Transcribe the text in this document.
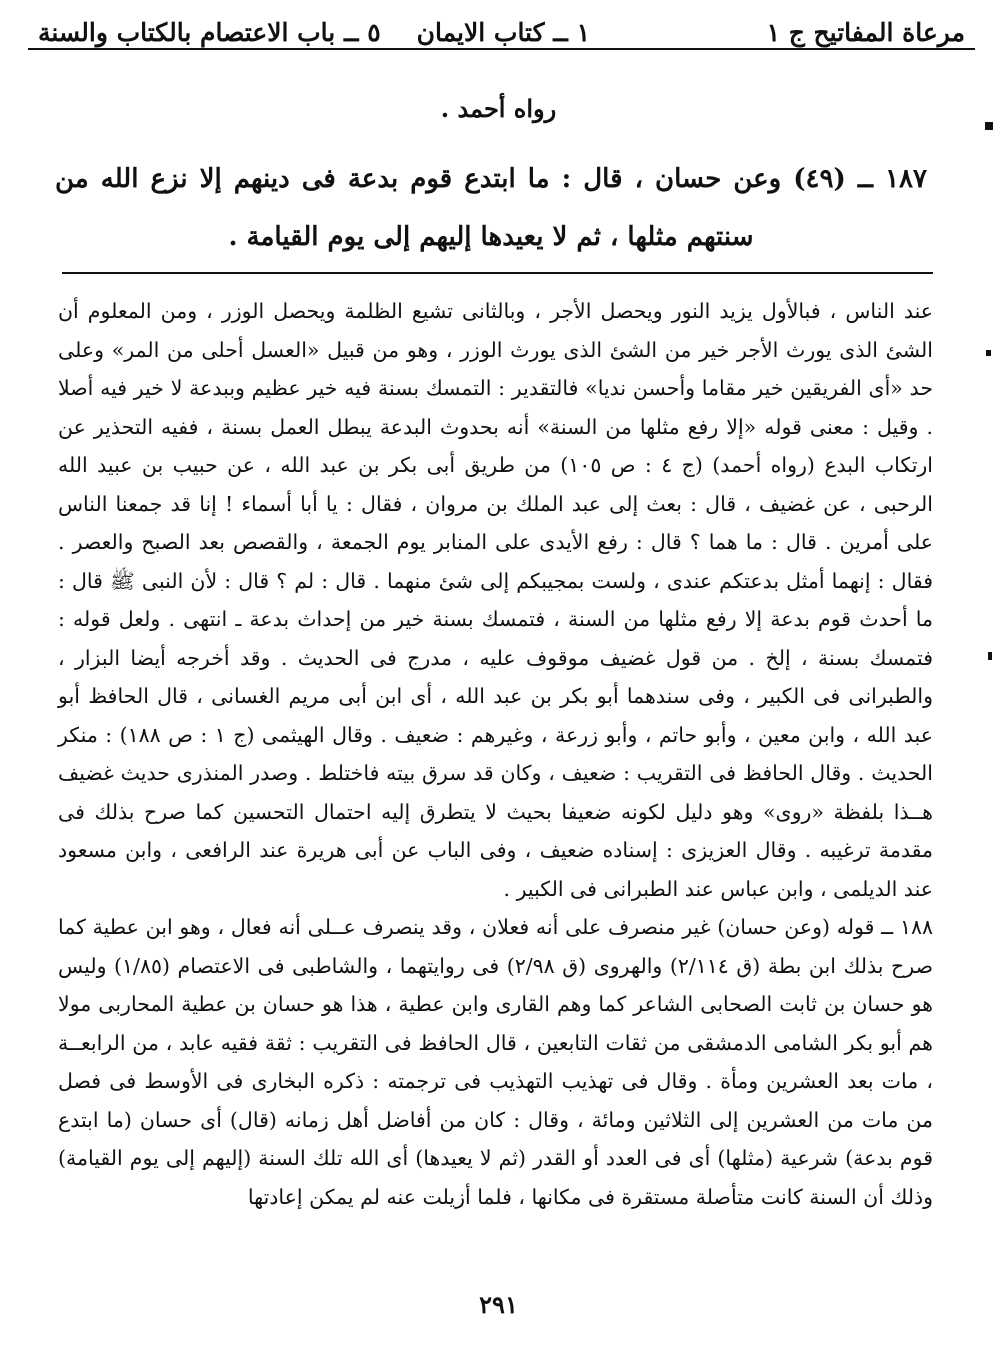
مرعاة المفاتيح ج ١
١ ــ كتاب الايمان
٥ ــ باب الاعتصام بالكتاب والسنة
رواه أحمد .
١٨٧ ــ (٤٩) وعن حسان ، قال : ما ابتدع قوم بدعة فى دينهم إلا نزع الله من سنتهم مثلها ، ثم لا يعيدها إليهم إلى يوم القيامة .

عند الناس ، فبالأول يزيد النور ويحصل الأجر ، وبالثانى تشيع الظلمة ويحصل الوزر ، ومن المعلوم أن الشئ الذى يورث الأجر خير من الشئ الذى يورث الوزر ، وهو من قبيل «العسل أحلى من المر» وعلى حد «أى الفريقين خير مقاما وأحسن نديا» فالتقدير : التمسك بسنة فيه خير عظيم وببدعة لا خير فيه أصلا . وقيل : معنى قوله «إلا رفع مثلها من السنة» أنه بحدوث البدعة يبطل العمل بسنة ، ففيه التحذير عن ارتكاب البدع (رواه أحمد) (ج ٤ : ص ١٠٥) من طريق أبى بكر بن عبد الله ، عن حبيب بن عبيد الله الرحبى ، عن غضيف ، قال : بعث إلى عبد الملك بن مروان ، فقال : يا أبا أسماء ! إنا قد جمعنا الناس على أمرين . قال : ما هما ؟ قال : رفع الأيدى على المنابر يوم الجمعة ، والقصص بعد الصبح والعصر . فقال : إنهما أمثل بدعتكم عندى ، ولست بمجيبكم إلى شئ منهما . قال : لم ؟ قال : لأن النبى ﷺ قال : ما أحدث قوم بدعة إلا رفع مثلها من السنة ، فتمسك بسنة خير من إحداث بدعة ـ انتهى . ولعل قوله : فتمسك بسنة ، إلخ . من قول غضيف موقوف عليه ، مدرج فى الحديث . وقد أخرجه أيضا البزار ، والطبرانى فى الكبير ، وفى سندهما أبو بكر بن عبد الله ، أى ابن أبى مريم الغسانى ، قال الحافظ أبو عبد الله ، وابن معين ، وأبو حاتم ، وأبو زرعة ، وغيرهم : ضعيف . وقال الهيثمى (ج ١ : ص ١٨٨) : منكر الحديث . وقال الحافظ فى التقريب : ضعيف ، وكان قد سرق بيته فاختلط . وصدر المنذرى حديث غضيف هــذا بلفظة «روى» وهو دليل لكونه ضعيفا بحيث لا يتطرق إليه احتمال التحسين كما صرح بذلك فى مقدمة ترغيبه . وقال العزيزى : إسناده ضعيف ، وفى الباب عن أبى هريرة عند الرافعى ، وابن مسعود عند الديلمى ، وابن عباس عند الطبرانى فى الكبير .

١٨٨ ــ قوله (وعن حسان) غير منصرف على أنه فعلان ، وقد ينصرف عــلى أنه فعال ، وهو ابن عطية كما صرح بذلك ابن بطة (ق ٢/١١٤) والهروى (ق ٢/٩٨) فى روايتهما ، والشاطبى فى الاعتصام (١/٨٥) وليس هو حسان بن ثابت الصحابى الشاعر كما وهم القارى وابن عطية ، هذا هو حسان بن عطية المحاربى مولا هم أبو بكر الشامى الدمشقى من ثقات التابعين ، قال الحافظ فى التقريب : ثقة فقيه عابد ، من الرابعــة ، مات بعد العشرين ومأة . وقال فى تهذيب التهذيب فى ترجمته : ذكره البخارى فى الأوسط فى فصل من مات من العشرين إلى الثلاثين ومائة ، وقال : كان من أفاضل أهل زمانه (قال) أى حسان (ما ابتدع قوم بدعة) شرعية (مثلها) أى فى العدد أو القدر (ثم لا يعيدها) أى الله تلك السنة (إليهم إلى يوم القيامة) وذلك أن السنة كانت متأصلة مستقرة فى مكانها ، فلما أزيلت عنه لم يمكن إعادتها

٢٩١
